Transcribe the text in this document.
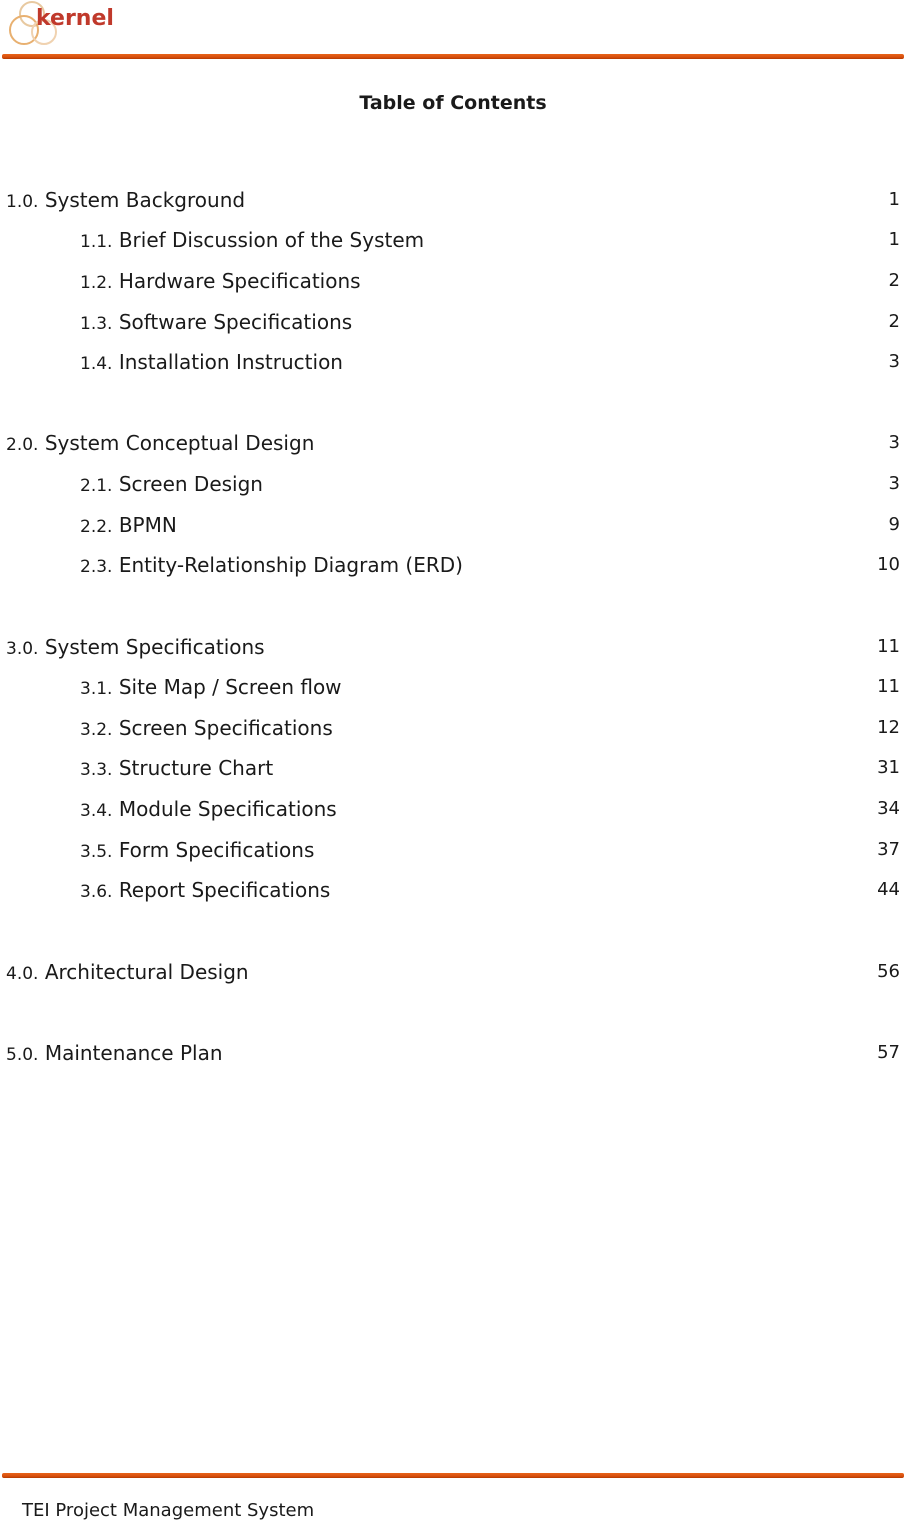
kernel
Table of Contents
1.0. System Background	1
1.1. Brief Discussion of the System	1
1.2. Hardware Specifications	2
1.3. Software Specifications	2
1.4. Installation Instruction	3
2.0. System Conceptual Design	3
2.1. Screen Design	3
2.2. BPMN	9
2.3. Entity-Relationship Diagram (ERD)	10
3.0. System Specifications	11
3.1. Site Map / Screen flow	11
3.2. Screen Specifications	12
3.3. Structure Chart	31
3.4. Module Specifications	34
3.5. Form Specifications	37
3.6. Report Specifications	44
4.0. Architectural Design	56
5.0. Maintenance Plan	57
TEI Project Management System
